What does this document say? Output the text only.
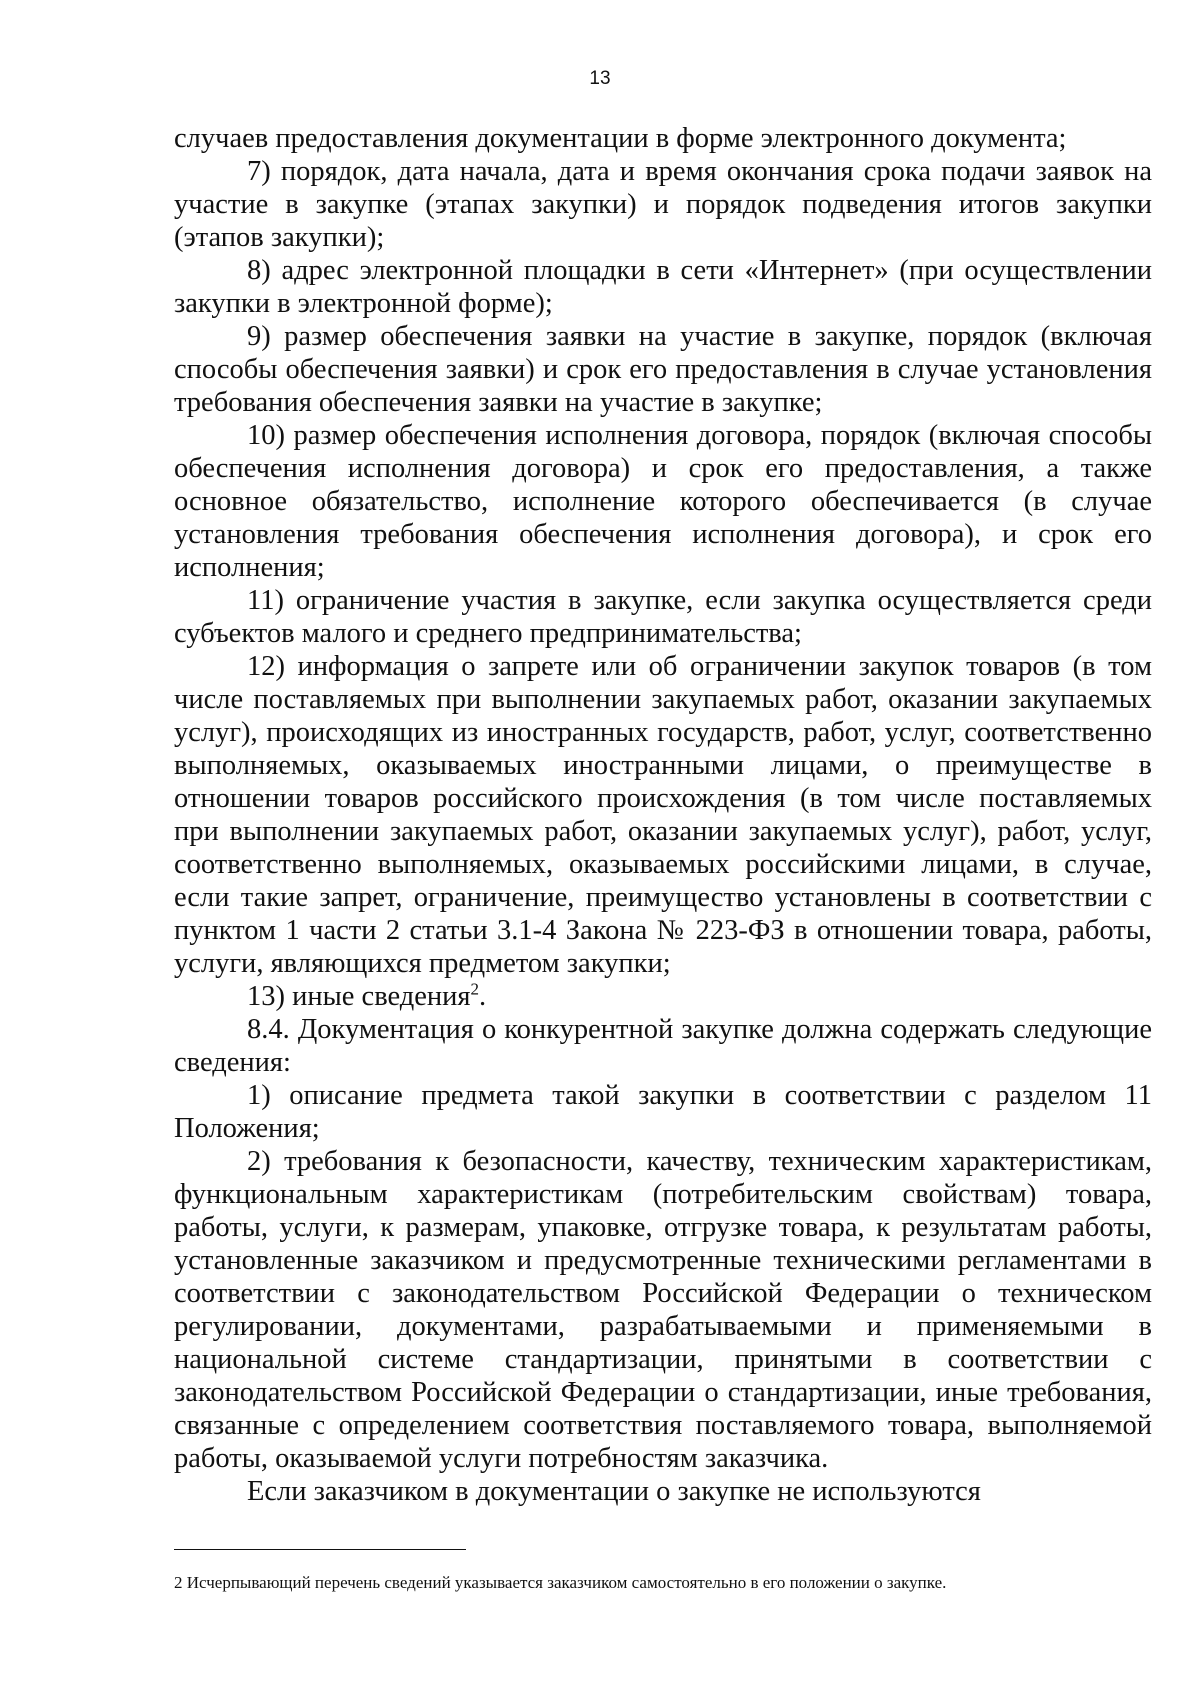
13

случаев предоставления документации в форме электронного документа;

7) порядок, дата начала, дата и время окончания срока подачи заявок на участие в закупке (этапах закупки) и порядок подведения итогов закупки (этапов закупки);

8) адрес электронной площадки в сети «Интернет» (при осуществлении закупки в электронной форме);

9) размер обеспечения заявки на участие в закупке, порядок (включая способы обеспечения заявки) и срок его предоставления в случае установления требования обеспечения заявки на участие в закупке;

10) размер обеспечения исполнения договора, порядок (включая способы обеспечения исполнения договора) и срок его предоставления, а также основное обязательство, исполнение которого обеспечивается (в случае установления требования обеспечения исполнения договора), и срок его исполнения;

11) ограничение участия в закупке, если закупка осуществляется среди субъектов малого и среднего предпринимательства;

12) информация о запрете или об ограничении закупок товаров (в том числе поставляемых при выполнении закупаемых работ, оказании закупаемых услуг), происходящих из иностранных государств, работ, услуг, соответственно выполняемых, оказываемых иностранными лицами, о преимуществе в отношении товаров российского происхождения (в том числе поставляемых при выполнении закупаемых работ, оказании закупаемых услуг), работ, услуг, соответственно выполняемых, оказываемых российскими лицами, в случае, если такие запрет, ограничение, преимущество установлены в соответствии с пунктом 1 части 2 статьи 3.1-4 Закона № 223-ФЗ в отношении товара, работы, услуги, являющихся предметом закупки;

13) иные сведения$^2$.

8.4. Документация о конкурентной закупке должна содержать следующие сведения:

1) описание предмета такой закупки в соответствии с разделом 11 Положения;

2) требования к безопасности, качеству, техническим характеристикам, функциональным характеристикам (потребительским свойствам) товара, работы, услуги, к размерам, упаковке, отгрузке товара, к результатам работы, установленные заказчиком и предусмотренные техническими регламентами в соответствии с законодательством Российской Федерации о техническом регулировании, документами, разрабатываемыми и применяемыми в национальной системе стандартизации, принятыми в соответствии с законодательством Российской Федерации о стандартизации, иные требования, связанные с определением соответствия поставляемого товара, выполняемой работы, оказываемой услуги потребностям заказчика.

Если заказчиком в документации о закупке не используются

2 Исчерпывающий перечень сведений указывается заказчиком самостоятельно в его положении о закупке.
